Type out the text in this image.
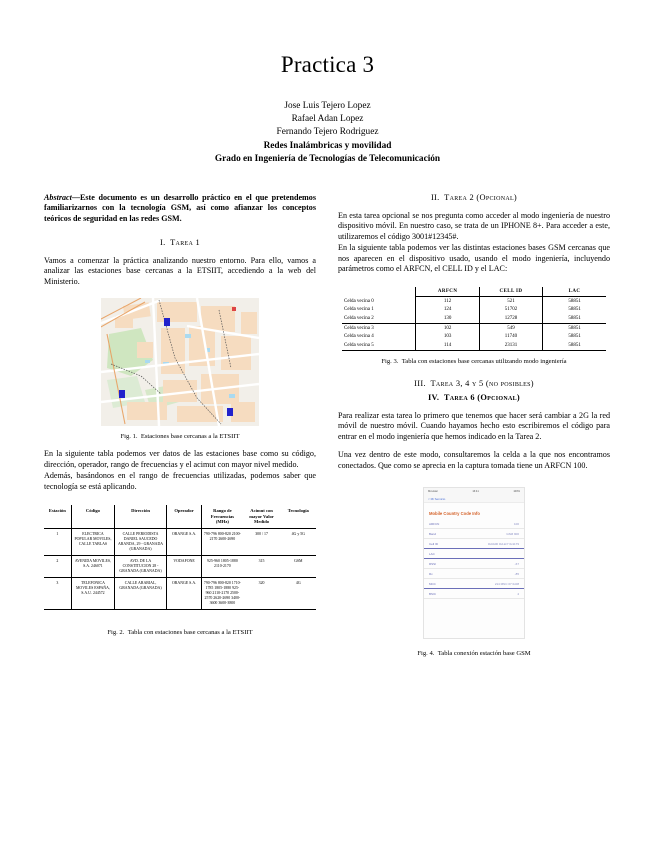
Practica 3

Jose Luis Tejero Lopez

Rafael Adan Lopez

Fernando Tejero Rodriguez

Redes Inalámbricas y movilidad

Grado en Ingeniería de Tecnologías de Telecomunicación

Abstract—Este documento es un desarrollo práctico en el que pretendemos familiarizarnos con la tecnología GSM, así como afianzar los conceptos teóricos de seguridad en las redes GSM.

I. Tarea 1

Vamos a comenzar la práctica analizando nuestro entorno. Para ello, vamos a analizar las estaciones base cercanas a la ETSIIT, accediendo a la web del Ministerio.

Fig. 1. Estaciones base cercanas a la ETSIIT

En la siguiente tabla podemos ver datos de las estaciones base como su código, dirección, operador, rango de frecuencias y el acimut con mayor nivel medido.

Además, basándonos en el rango de frecuencias utilizadas, podemos saber que tecnología se está aplicando.

Estación	Código	Dirección	Operador	Rango de Frecuencias (MHz)	Acimut con mayor Valor Medido	Tecnología
1	ELECTRICA POPULAR MOVILES, CALLE TABLAS	CALLE PERIODISTA DANIEL SAUCEDO ARANDA, 29 - GRANADA (GRANADA)	ORANGE S.A.	790-796 800-820 2100-2170 2600-2690	300 / 17	4G y 5G
2	AVENIDA MOVILES, S.A. 246071	AVD. DE LA CONSTITUCION 28 - GRANADA (GRANADA)	VODAFONE	925-960 1805-1880 2110-2170	315	GSM
3	TELEFONICA MOVILES ESPAÑA, S.A.U. 244572	CALLE ARABIAL, GRANADA (GRANADA)	ORANGE S.A.	790-796 800-820 1710-1785 1805-1880 925-960 2110-2170 2500-2570 2620-2690 3400-3600 3600-3800	320	4G

Fig. 2. Tabla con estaciones base cercanas a la ETSIIT

II. Tarea 2 (Opcional)

En esta tarea opcional se nos pregunta como acceder al modo ingeniería de nuestro dispositivo móvil. En nuestro caso, se trata de un IPHONE 8+. Para acceder a este, utilizaremos el código 3001#12345#.

En la siguiente tabla podemos ver las distintas estaciones bases GSM cercanas que nos aparecen en el dispositivo usado, usando el modo ingeniería, incluyendo parámetros como el ARFCN, el CELL ID y el LAC:

	ARFCN	CELL ID	LAC
Celda vecina 0	112	521	58851
Celda vecina 1	124	51702	58851
Celda vecina 2	130	12728	58851
Celda vecina 3	102	549	58851
Celda vecina 4	103	11740	58851
Celda vecina 5	114	23131	58851

Fig. 3. Tabla con estaciones base cercanas utilizando modo ingeniería

III. Tarea 3, 4 y 5 (no posibles)
IV. Tarea 6 (Opcional)

Para realizar esta tarea lo primero que tenemos que hacer será cambiar a 2G la red móvil de nuestro móvil. Cuando hayamos hecho esto escribiremos el código para entrar en el modo ingeniería que hemos indicado en la Tarea 2.

Una vez dentro de este modo, consultaremos la celda a la que nos encontramos conectados. Que como se aprecia en la captura tomada tiene un ARFCN 100.

Movistar	16:41	100%
< Mi Servicio
Mobile Country Code Info
ARFCN	100
Band	GSM 900
Cell ID	0x0A00 0x12c7 0x1179
LAC
RSSI	-67
Rx	-85
MCC	214 MNC 07 0x08
BSIC	4

Fig. 4. Tabla conexión estación base GSM
